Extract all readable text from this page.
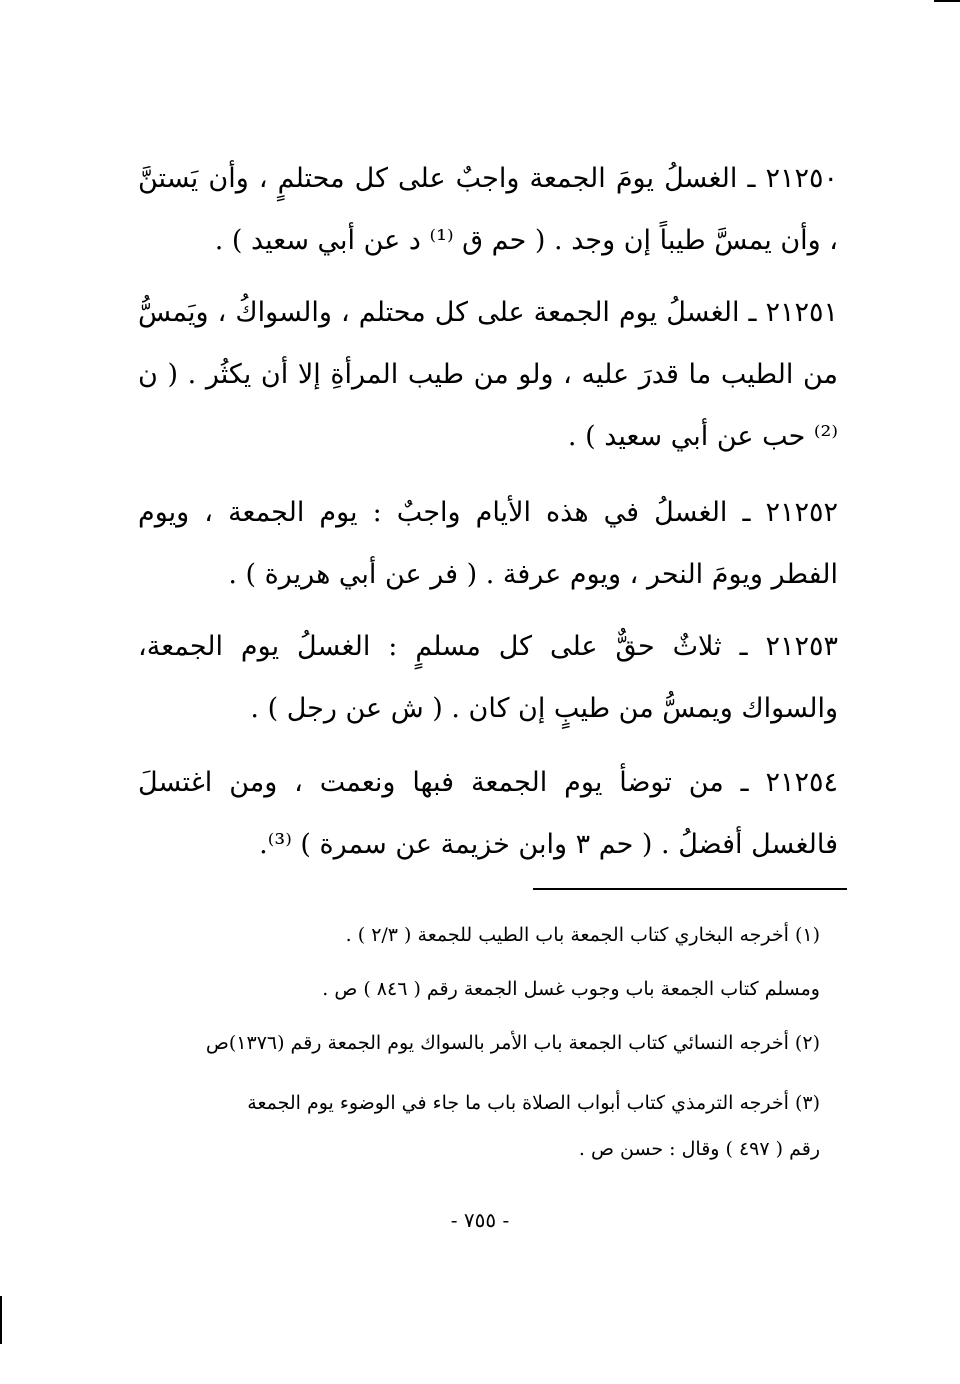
٢١٢٥٠ ـ الغسلُ يومَ الجمعة واجبٌ على كل محتلمٍ ، وأن يَستنَّ ، وأن يمسَّ طيباً إن وجد . ( حم ق ⁽¹⁾ د عن أبي سعيد ) .
٢١٢٥١ ـ الغسلُ يوم الجمعة على كل محتلم ، والسواكُ ، ويَمسُّ من الطيب ما قدرَ عليه ، ولو من طيب المرأةِ إلا أن يكثُر . ( ن ⁽²⁾ حب عن أبي سعيد ) .
٢١٢٥٢ ـ الغسلُ في هذه الأيام واجبٌ : يوم الجمعة ، ويوم الفطر ويومَ النحر ، ويوم عرفة . ( فر عن أبي هريرة ) .
٢١٢٥٣ ـ ثلاثٌ حقٌّ على كل مسلمٍ : الغسلُ يوم الجمعة، والسواك ويمسُّ من طيبٍ إن كان . ( ش عن رجل ) .
٢١٢٥٤ ـ من توضأ يوم الجمعة فبها ونعمت ، ومن اغتسلَ فالغسل أفضلُ . ( حم ٣ وابن خزيمة عن سمرة ) ⁽³⁾.
(١) أخرجه البخاري كتاب الجمعة باب الطيب للجمعة ( ٢/٣ ) .
ومسلم كتاب الجمعة باب وجوب غسل الجمعة رقم ( ٨٤٦ ) ص .
(٢) أخرجه النسائي كتاب الجمعة باب الأمر بالسواك يوم الجمعة رقم (١٣٧٦)ص
(٣) أخرجه الترمذي كتاب أبواب الصلاة باب ما جاء في الوضوء يوم الجمعة
رقم ( ٤٩٧ ) وقال : حسن ص .
- ٧٥٥ -
